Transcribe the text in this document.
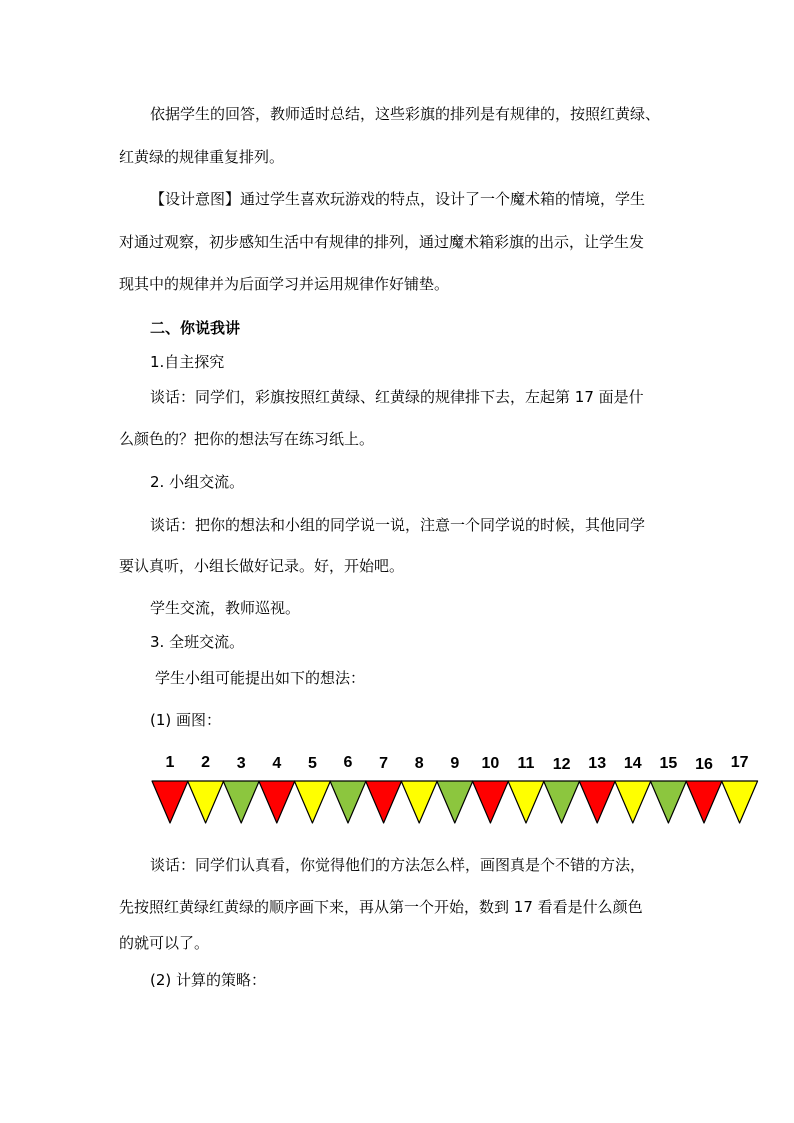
依据学生的回答，教师适时总结，这些彩旗的排列是有规律的，按照红黄绿、
红黄绿的规律重复排列。
【设计意图】通过学生喜欢玩游戏的特点，设计了一个魔术箱的情境，学生
对通过观察，初步感知生活中有规律的排列，通过魔术箱彩旗的出示，让学生发
现其中的规律并为后面学习并运用规律作好铺垫。
二、你说我讲
1.自主探究
谈话：同学们，彩旗按照红黄绿、红黄绿的规律排下去，左起第 17 面是什
么颜色的？把你的想法写在练习纸上。
2. 小组交流。
谈话：把你的想法和小组的同学说一说，注意一个同学说的时候，其他同学
要认真听，小组长做好记录。好，开始吧。
学生交流，教师巡视。
3. 全班交流。
学生小组可能提出如下的想法：
(1) 画图：
1 2 3 4 5 6 7 8 9 10 11 12 13 14 15 16 17
谈话：同学们认真看，你觉得他们的方法怎么样，画图真是个不错的方法，
先按照红黄绿红黄绿的顺序画下来，再从第一个开始，数到 17 看看是什么颜色
的就可以了。
(2) 计算的策略：
